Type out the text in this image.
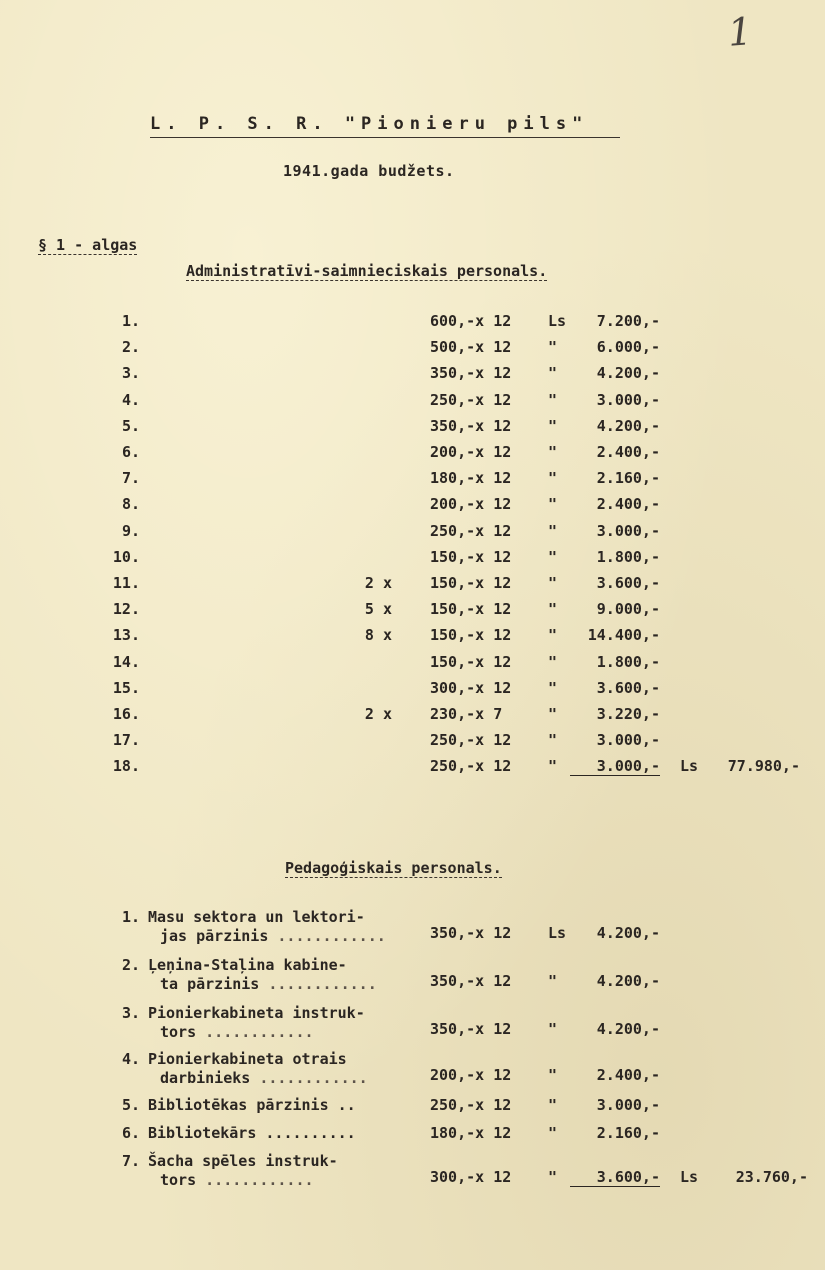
1
L. P. S. R. "Pionieru pils"
1941.gada budžets.
§ 1 - algas
Administratīvi-saimnieciskais personals.
1.	600,-x 12 Ls	7.200,-
2.	500,-x 12 "	6.000,-
3.	350,-x 12 "	4.200,-
4.	250,-x 12 "	3.000,-
5.	350,-x 12 "	4.200,-
6.	200,-x 12 "	2.400,-
7.	180,-x 12 "	2.160,-
8.	200,-x 12 "	2.400,-
9.	250,-x 12 "	3.000,-
10.	150,-x 12 "	1.800,-
11.	2 x	150,-x 12 "	3.600,-
12.	5 x	150,-x 12 "	9.000,-
13.	8 x	150,-x 12 "	14.400,-
14.	150,-x 12 "	1.800,-
15.	300,-x 12 "	3.600,-
16.	2 x	230,-x 7	"	3.220,-
17.	250,-x 12 "	3.000,-
18.	250,-x 12 "	3.000,- Ls	77.980,-
Pedagoģiskais personals.
1. Masu sektora un lektori-
jas pārzinis ............	350,-x 12 Ls	4.200,-
2. Ļeņina-Staļina kabine-
ta pārzinis ............	350,-x 12 "	4.200,-
3. Pionierkabineta instruk-
tors ............	350,-x 12 "	4.200,-
4. Pionierkabineta otrais
darbinieks ............	200,-x 12 "	2.400,-
5. Bibliotēkas pārzinis ..	250,-x 12 "	3.000,-
6. Bibliotekārs ..........	180,-x 12 "	2.160,-
7. Šacha spēles instruk-
tors ............	300,-x 12 "	3.600,- Ls	23.760,-
